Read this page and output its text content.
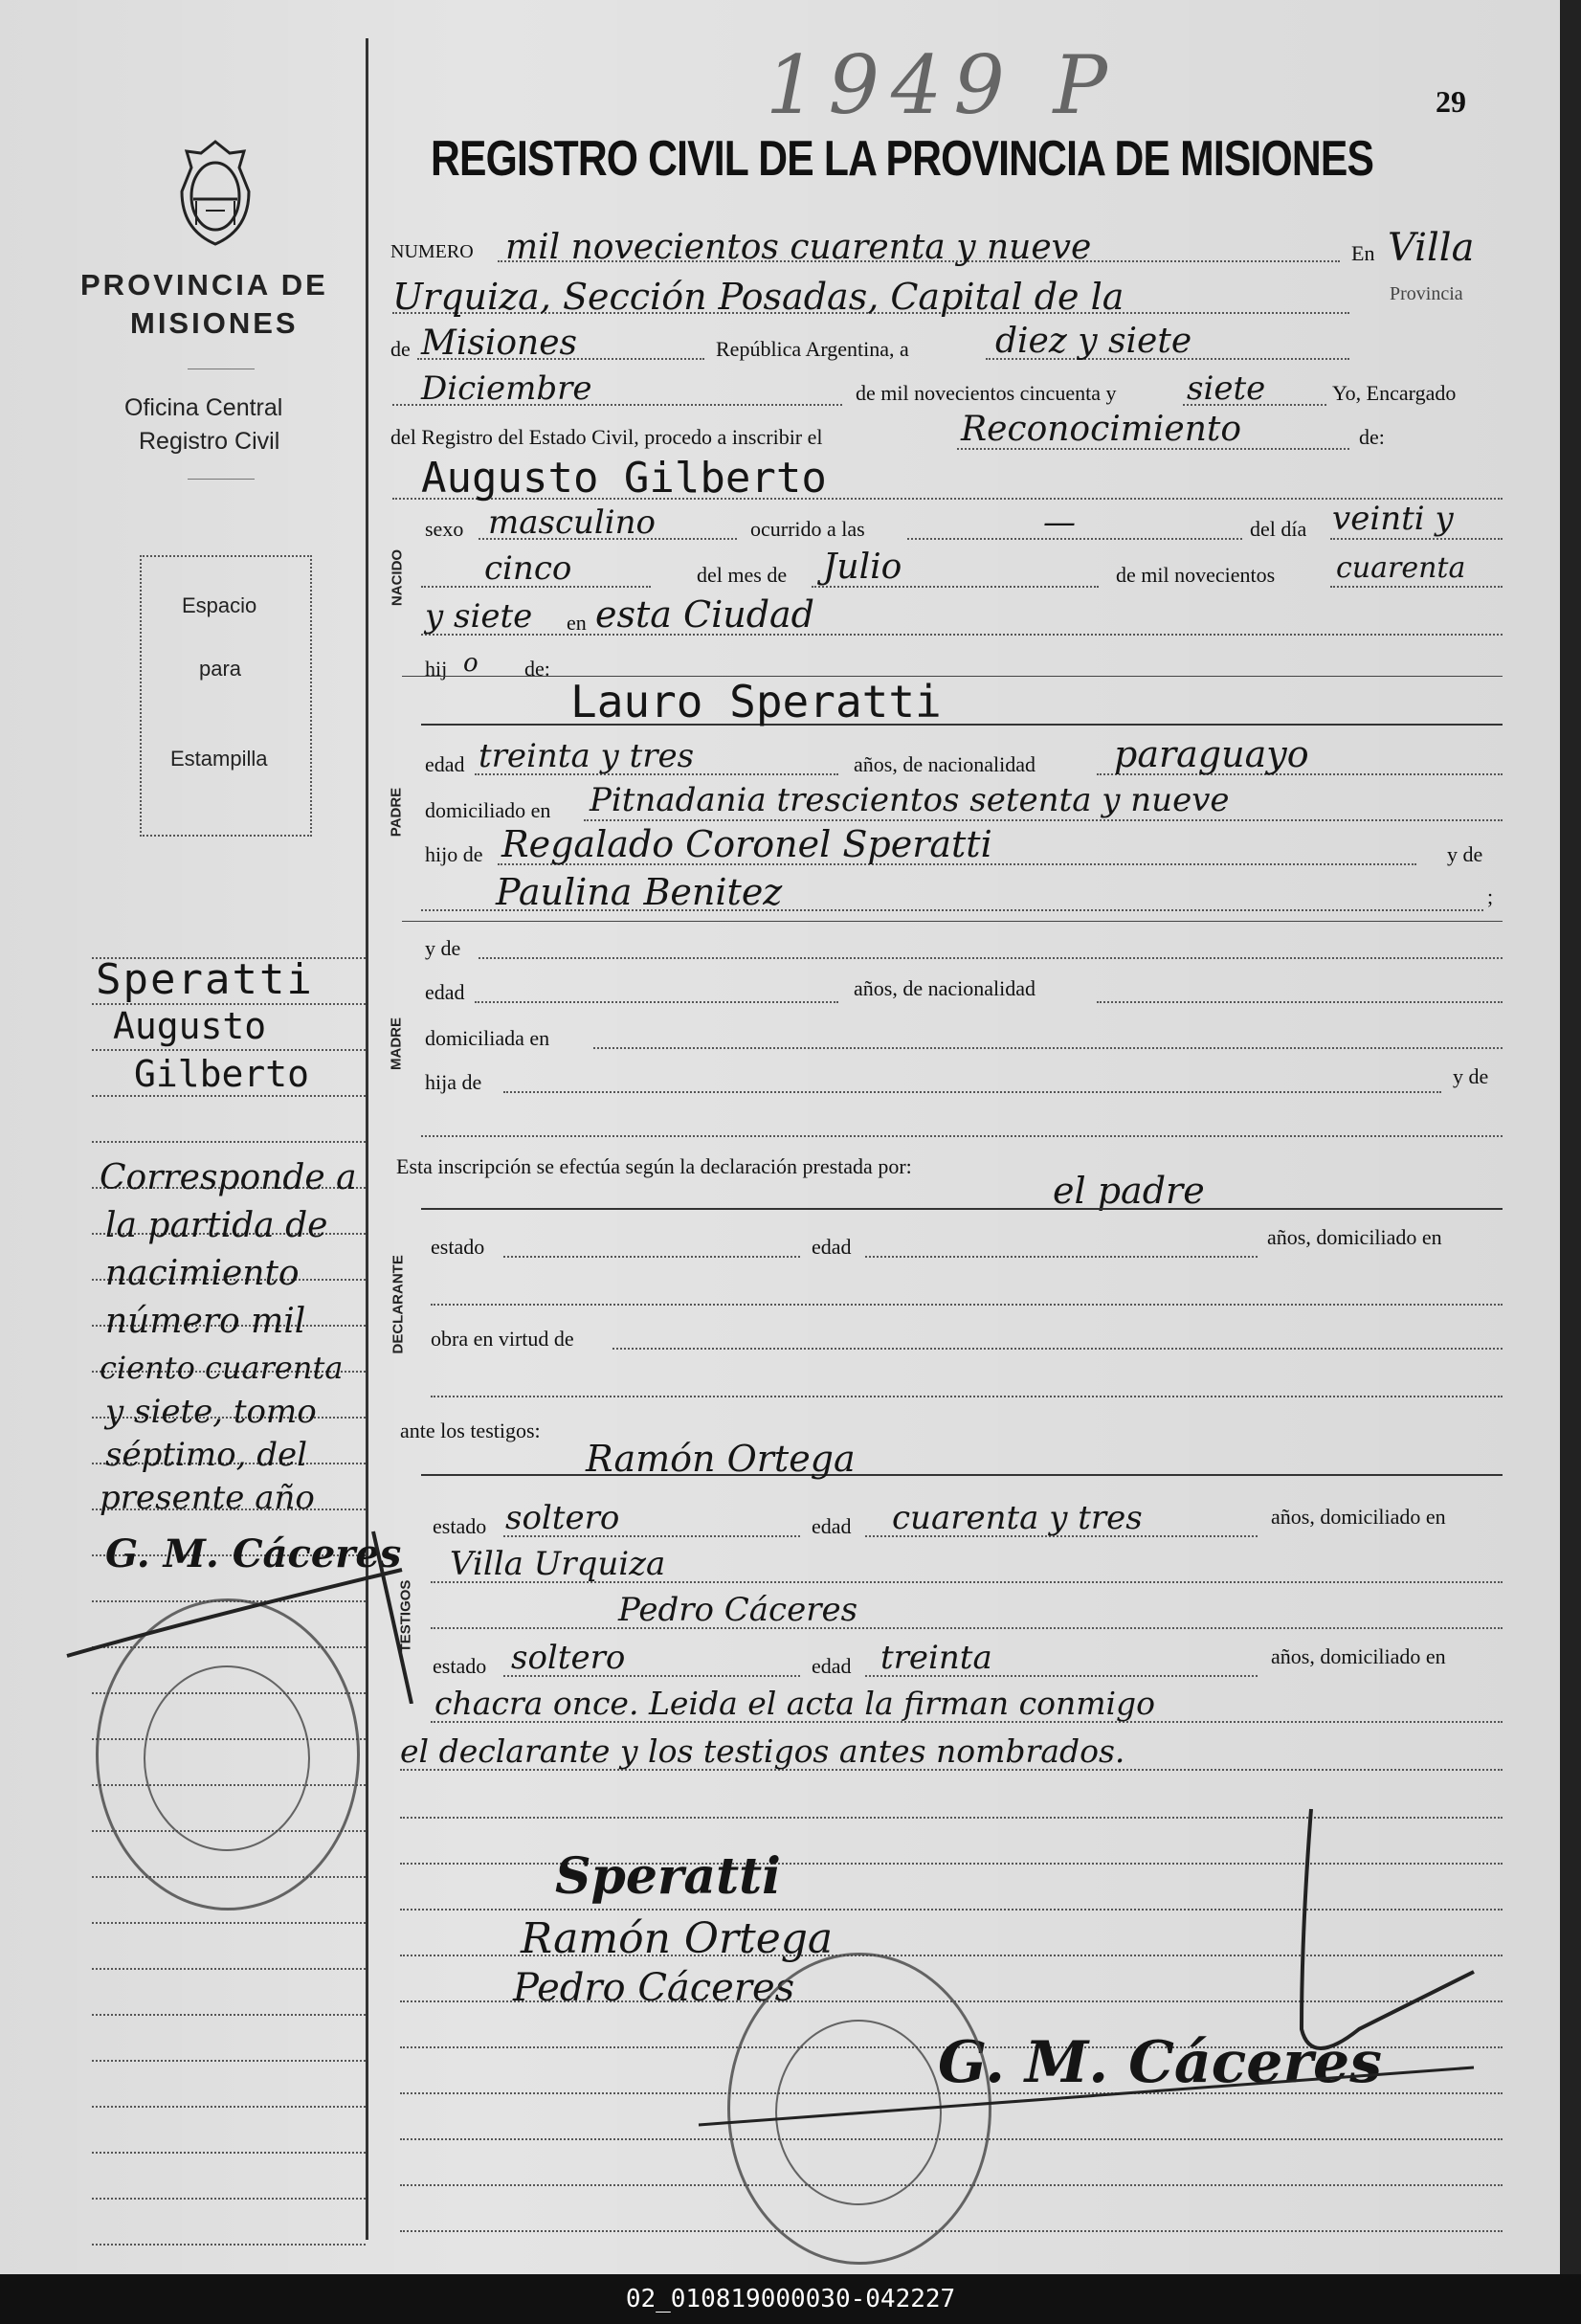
1949 P	29
REGISTRO CIVIL DE LA PROVINCIA DE MISIONES
PROVINCIA DE
MISIONES
Oficina Central
Registro Civil
Espacio
para
Estampilla
Speratti
Augusto
Gilberto
Corresponde a
la partida de
nacimiento
número mil
ciento cuarenta
y siete, tomo
séptimo, del
presente año
G. M. Cáceres
NUMERO mil novecientos cuarenta y nueve	En Villa
Urquiza, Sección Posadas, Capital de la	Provincia
de Misiones	República Argentina, a	diez y siete
Diciembre	de mil novecientos cincuenta y siete	Yo, Encargado
del Registro del Estado Civil, procedo a inscribir el	Reconocimiento	de:
Augusto Gilberto
NACIDO
sexo masculino	ocurrido a las	—	del día veinti y
cinco	del mes de Julio	de mil novecientos cuarenta
y siete en esta Ciudad
hij o de:
PADRE
Lauro Speratti
edad treinta y tres	años, de nacionalidad paraguayo
domiciliado en Pitnadania trescientos setenta y nueve
hijo de Regalado Coronel Speratti	y de
Paulina Benitez	;
MADRE
y de
edad	años, de nacionalidad
domiciliada en
hija de	y de
Esta inscripción se efectúa según la declaración prestada por:
el padre
DECLARANTE
estado	edad	años, domiciliado en
obra en virtud de
ante los testigos:
Ramón Ortega
TESTIGOS
estado soltero	edad cuarenta y tres	años, domiciliado en
Villa Urquiza
Pedro Cáceres
estado soltero	edad treinta	años, domiciliado en
chacra once. Leida el acta la firman conmigo
el declarante y los testigos antes nombrados.
Speratti
Ramón Ortega
Pedro Cáceres
G. M. Cáceres
02_010819000030-042227
